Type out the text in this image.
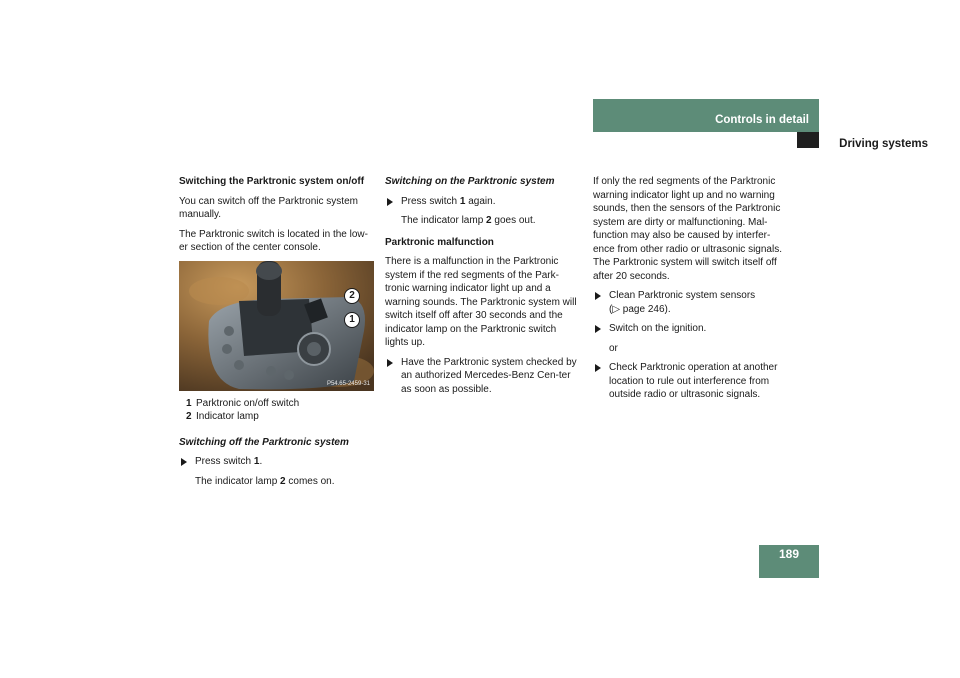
Controls in detail
Driving systems
Switching the Parktronic system on/off

You can switch off the Parktronic system manually.

The Parktronic switch is located in the low-er section of the center console.

2
1
P54.65-2459-31
1 Parktronic on/off switch
2 Indicator lamp
Switching off the Parktronic system
Press switch 1.

The indicator lamp 2 comes on.

Switching on the Parktronic system
Press switch 1 again.

The indicator lamp 2 goes out.

Parktronic malfunction

There is a malfunction in the Parktronic system if the red segments of the Park-tronic warning indicator light up and a warning sounds. The Parktronic system will switch itself off after 30 seconds and the indicator lamp on the Parktronic switch lights up.

Have the Parktronic system checked by an authorized Mercedes-Benz Cen-ter as soon as possible.

If only the red segments of the Parktronic warning indicator light up and no warning sounds, then the sensors of the Parktronic system are dirty or malfunctioning. Mal-function may also be caused by interfer-ence from other radio or ultrasonic signals. The Parktronic system will switch itself off after 20 seconds.

Clean Parktronic system sensors
(▷ page 246).
Switch on the ignition.

or

Check Parktronic operation at another location to rule out interference from outside radio or ultrasonic signals.
189
